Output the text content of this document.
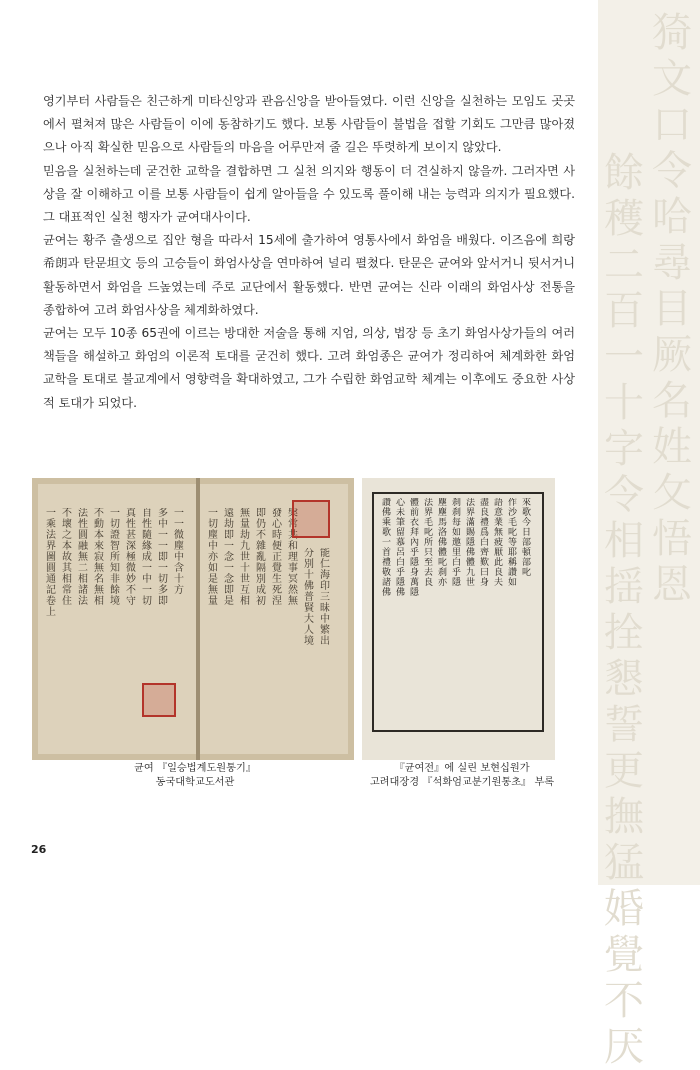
餘穫二百一十字令相揺拴懇誓更撫猛婚覺不厌
猗文口令哈尋目厥名姓攵悟恩

영기부터 사람들은 친근하게 미타신앙과 관음신앙을 받아들였다. 이런 신앙을 실천하는 모임도 곳곳에서 펼쳐져 많은 사람들이 이에 동참하기도 했다. 보통 사람들이 불법을 접할 기회도 그만큼 많아졌으나 아직 확실한 믿음으로 사람들의 마음을 어루만져 줄 길은 뚜렷하게 보이지 않았다.

믿음을 실천하는데 굳건한 교학을 결합하면 그 실천 의지와 행동이 더 견실하지 않을까. 그러자면 사상을 잘 이해하고 이를 보통 사람들이 쉽게 알아들을 수 있도록 풀이해 내는 능력과 의지가 필요했다. 그 대표적인 실천 행자가 균여대사이다.

균여는 황주 출생으로 집안 형을 따라서 15세에 출가하여 영통사에서 화엄을 배웠다. 이즈음에 희랑希朗과 탄문坦文 등의 고승들이 화엄사상을 연마하여 널리 펼쳤다. 탄문은 균여와 앞서거니 뒷서거니 활동하면서 화엄을 드높였는데 주로 교단에서 활동했다. 반면 균여는 신라 이래의 화엄사상 전통을 종합하여 고려 화엄사상을 체계화하였다.

균여는 모두 10종 65권에 이르는 방대한 저술을 통해 지엄, 의상, 법장 등 초기 화엄사상가들의 여러 책들을 해설하고 화엄의 이론적 토대를 굳건히 했다. 고려 화엄종은 균여가 정리하여 체계화한 화엄교학을 토대로 불교계에서 영향력을 확대하였고, 그가 수립한 화엄교학 체계는 이후에도 중요한 사상적 토대가 되었다.

一乘法界圖圓通記卷上
不壞之本故其相常住
法性圓融無二相諸法
不動本來寂無名無相
一切證智所知非餘境
真性甚深極微妙不守
自性隨緣成一中一切
多中一一即一切多即
一一微塵中含十方
一切塵中亦如是無量
遠劫即一念一念即是
無量劫九世十世互相
即仍不雜亂隔別成初
發心時便正覺生死涅
槃常共和理事冥然無
分別十佛普賢大人境
能仁海印三昧中繁出
讚佛乘歌一首禮敬諸佛
心未筆留慕呂白乎隱佛
體前衣拜內乎隱身萬隱
法界毛叱所只至去良
塵塵馬洛佛體叱刹亦
刹刹每如邀里白乎隱
法界滿賜隱佛體九世
盡良禮爲白齊歎曰身
語意業無疲厭此良夫
作沙毛叱等耶稱讚如
來歌今日部頓部叱
균여 『일승법계도원통기』
동국대학교도서관
『균여전』에 실린 보현십원가
고려대장경 『석화엄교분기원통초』 부록
26
